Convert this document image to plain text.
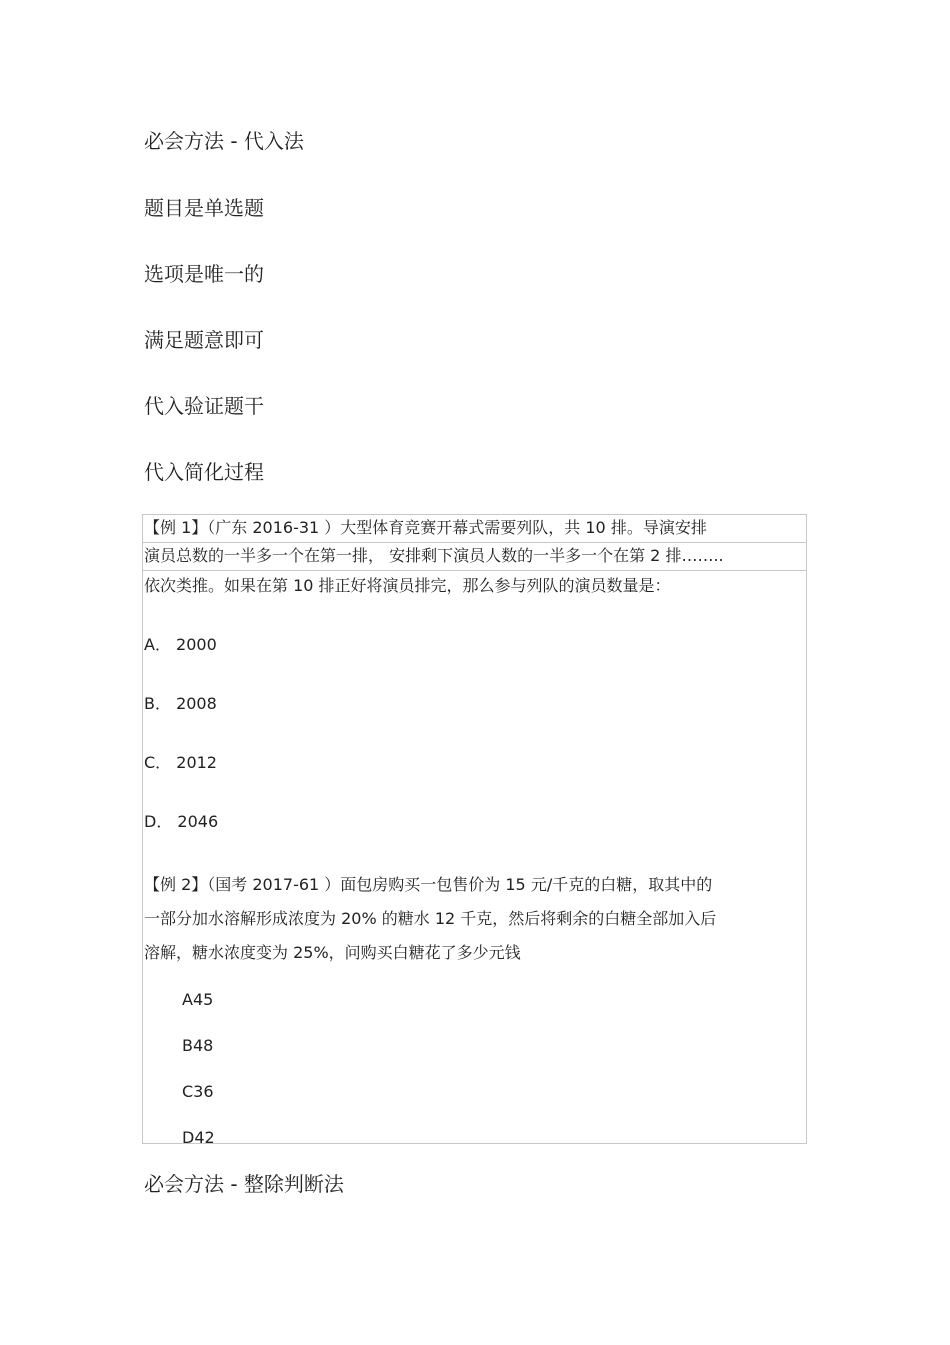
必会方法 - 代入法
题目是单选题
选项是唯一的
满足题意即可
代入验证题干
代入简化过程
【例 1】（广东 2016-31 ）大型体育竞赛开幕式需要列队，共 10 排。导演安排
演员总数的一半多一个在第一排， 安排剩下演员人数的一半多一个在第 2 排……..
依次类推。如果在第 10 排正好将演员排完，那么参与列队的演员数量是：
A． 2000
B． 2008
C． 2012
D． 2046
【例 2】（国考 2017-61 ）面包房购买一包售价为 15 元/千克的白糖，取其中的
一部分加水溶解形成浓度为 20% 的糖水 12 千克，然后将剩余的白糖全部加入后
溶解，糖水浓度变为 25%，问购买白糖花了多少元钱
A45
B48
C36
D42
必会方法 - 整除判断法
